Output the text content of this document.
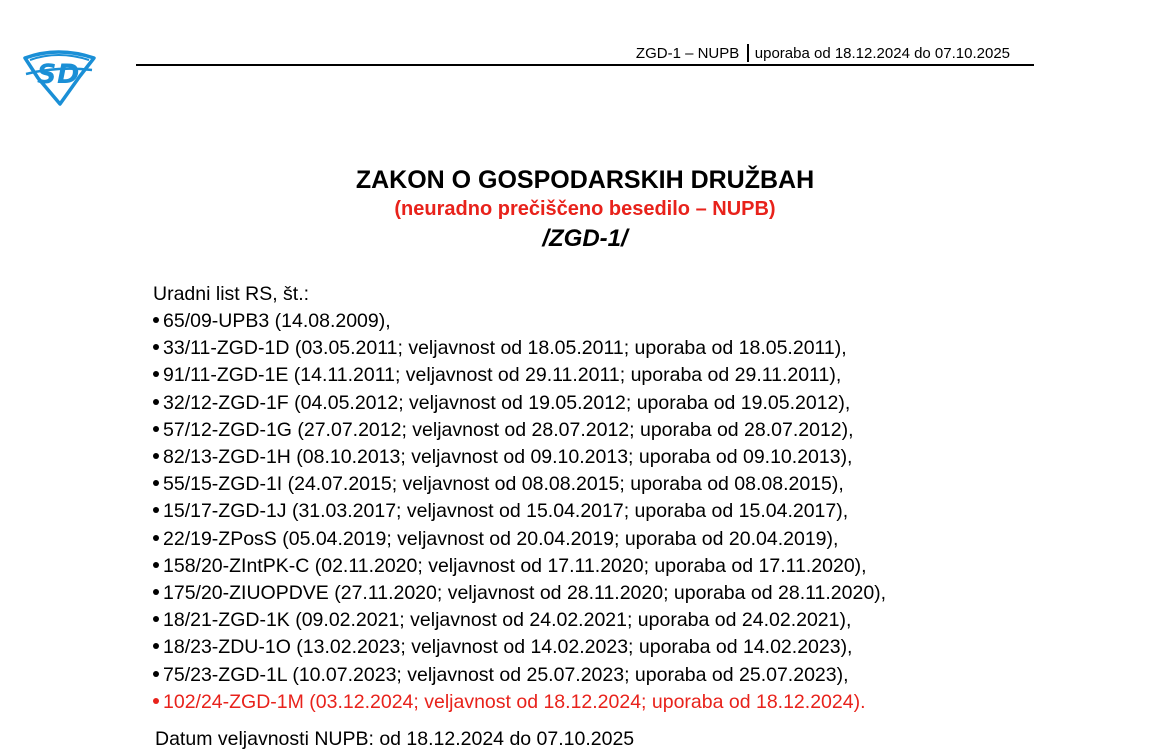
S D
ZGD-1 – NUPB uporaba od 18.12.2024 do 07.10.2025
ZAKON O GOSPODARSKIH DRUŽBAH
(neuradno prečiščeno besedilo – NUPB)
/ZGD-1/
Uradni list RS, št.:
65/09-UPB3 (14.08.2009),
33/11-ZGD-1D (03.05.2011; veljavnost od 18.05.2011; uporaba od 18.05.2011),
91/11-ZGD-1E (14.11.2011; veljavnost od 29.11.2011; uporaba od 29.11.2011),
32/12-ZGD-1F (04.05.2012; veljavnost od 19.05.2012; uporaba od 19.05.2012),
57/12-ZGD-1G (27.07.2012; veljavnost od 28.07.2012; uporaba od 28.07.2012),
82/13-ZGD-1H (08.10.2013; veljavnost od 09.10.2013; uporaba od 09.10.2013),
55/15-ZGD-1I (24.07.2015; veljavnost od 08.08.2015; uporaba od 08.08.2015),
15/17-ZGD-1J (31.03.2017; veljavnost od 15.04.2017; uporaba od 15.04.2017),
22/19-ZPosS (05.04.2019; veljavnost od 20.04.2019; uporaba od 20.04.2019),
158/20-ZIntPK-C (02.11.2020; veljavnost od 17.11.2020; uporaba od 17.11.2020),
175/20-ZIUOPDVE (27.11.2020; veljavnost od 28.11.2020; uporaba od 28.11.2020),
18/21-ZGD-1K (09.02.2021; veljavnost od 24.02.2021; uporaba od 24.02.2021),
18/23-ZDU-1O (13.02.2023; veljavnost od 14.02.2023; uporaba od 14.02.2023),
75/23-ZGD-1L (10.07.2023; veljavnost od 25.07.2023; uporaba od 25.07.2023),
102/24-ZGD-1M (03.12.2024; veljavnost od 18.12.2024; uporaba od 18.12.2024).
Datum veljavnosti NUPB: od 18.12.2024 do 07.10.2025
